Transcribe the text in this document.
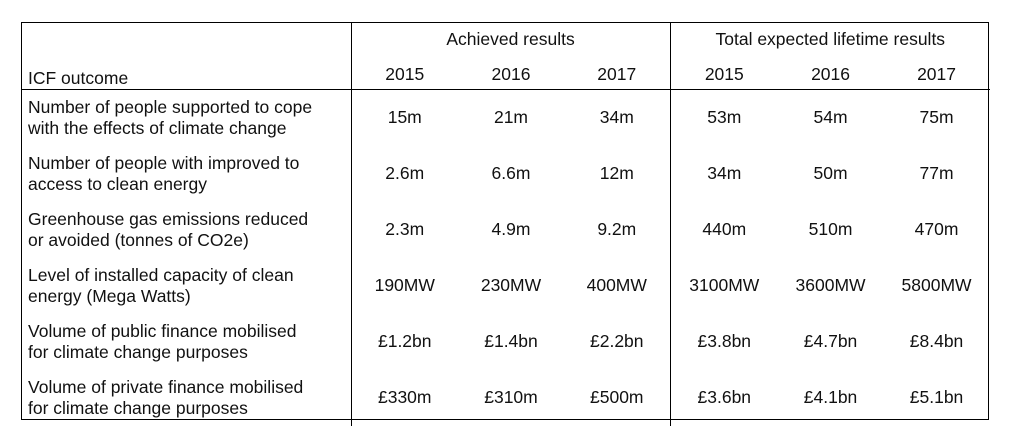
ICF outcome	Achieved results			Total expected lifetime results		
	2015	2016	2017	2015	2016	2017

Number of people supported to cope
with the effects of climate change	15m	21m	34m	53m	54m	75m

Number of people with improved to
access to clean energy	2.6m	6.6m	12m	34m	50m	77m

Greenhouse gas emissions reduced
or avoided (tonnes of CO2e)	2.3m	4.9m	9.2m	440m	510m	470m

Level of installed capacity of clean
energy (Mega Watts)	190MW	230MW	400MW	3100MW	3600MW	5800MW

Volume of public finance mobilised
for climate change purposes	£1.2bn	£1.4bn	£2.2bn	£3.8bn	£4.7bn	£8.4bn

Volume of private finance mobilised
for climate change purposes	£330m	£310m	£500m	£3.6bn	£4.1bn	£5.1bn
